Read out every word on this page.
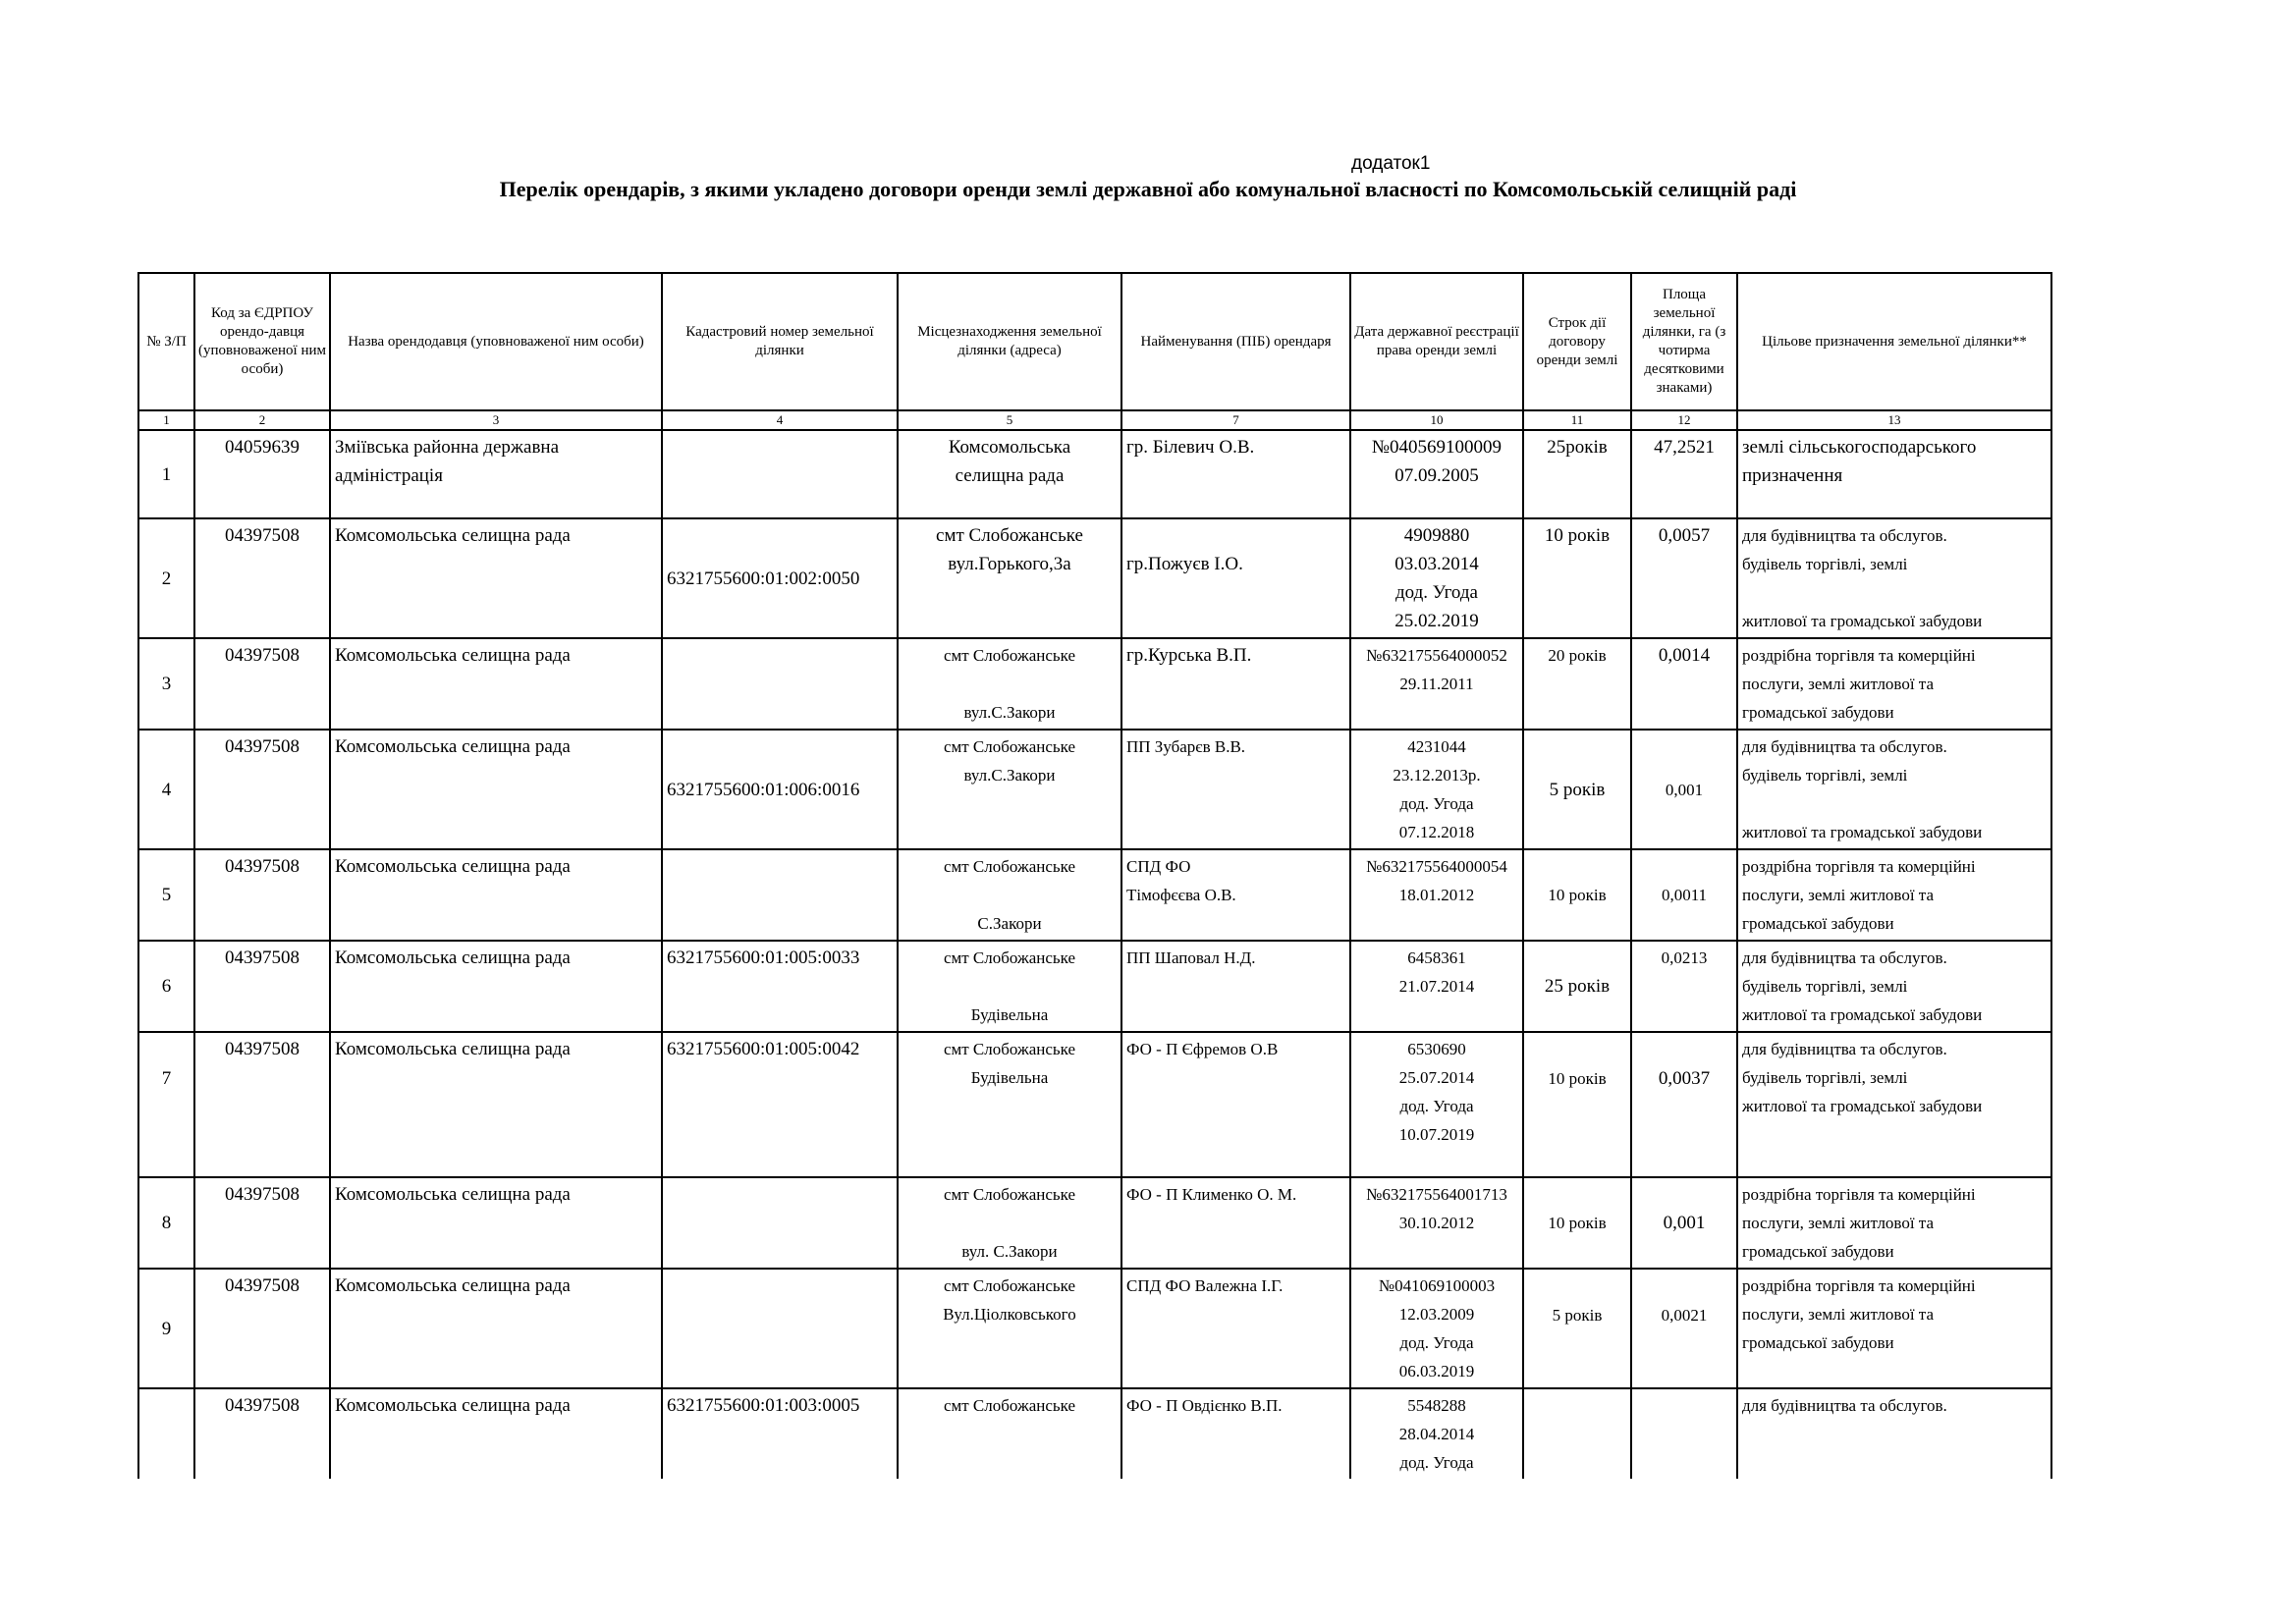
додаток1
Перелік орендарів, з якими укладено договори оренди землі державної або комунальної власності по Комсомольській селищній раді
№ З/П	Код за ЄДРПОУ орендо-давця (уповноваженої ним особи)	Назва орендодавця (уповноваженої ним особи)	Кадастровий номер земельної ділянки	Місцезнаходження земельної ділянки (адреса)	Найменування (ПІБ) орендаря	Дата державної реєстрації права оренди землі	Строк дії договору оренди землі	Площа земельної ділянки, га (з чотирма десятковими знаками)	Цільове призначення земельної ділянки**
1	2	3	4	5	7	10	11	12	13
1	04059639	Зміївська районна державна
адміністрація		Комсомольська
селищна рада	гр. Білевич О.В.	№040569100009
07.09.2005	25років	47,2521	землі сільськогосподарського
призначення
2	04397508	Комсомольська селищна рада	6321755600:01:002:0050	смт Слобожанське
вул.Горького,3а	
гр.Пожуєв І.О.	4909880
03.03.2014
дод. Угода
25.02.2019	10 років	0,0057	для будівництва та обслугов.
будівель торгівлі, землі

житлової та громадської забудови
3	04397508	Комсомольська селищна рада		смт Слобожанське

вул.С.Закори	гр.Курська В.П.	№632175564000052
29.11.2011	20 років	0,0014	роздрібна торгівля та комерційні
послуги, землі житлової та
громадської забудови
4	04397508	Комсомольська селищна рада	6321755600:01:006:0016	смт Слобожанське
вул.С.Закори	ПП Зубарєв В.В.	4231044
23.12.2013р.
дод. Угода
07.12.2018	5 років	0,001	для будівництва та обслугов.
будівель торгівлі, землі

житлової та громадської забудови
5	04397508	Комсомольська селищна рада		смт Слобожанське

С.Закори	СПД ФО
Тімофєєва О.В.	№632175564000054
18.01.2012	10 років	0,0011	роздрібна торгівля та комерційні
послуги, землі житлової та
громадської забудови
6	04397508	Комсомольська селищна рада	6321755600:01:005:0033	смт Слобожанське

Будівельна	ПП Шаповал Н.Д.	6458361
21.07.2014	25 років	0,0213	для будівництва та обслугов.
будівель торгівлі, землі
житлової та громадської забудови
7	04397508	Комсомольська селищна рада	6321755600:01:005:0042	смт Слобожанське
Будівельна	ФО - П Єфремов О.В	6530690
25.07.2014
дод. Угода
10.07.2019	10 років	0,0037	для будівництва та обслугов.
будівель торгівлі, землі
житлової та громадської забудови
8	04397508	Комсомольська селищна рада		смт Слобожанське

вул. С.Закори	ФО - П Клименко О. М.	№632175564001713
30.10.2012	10 років	0,001	роздрібна торгівля та комерційні
послуги, землі житлової та
громадської забудови
9	04397508	Комсомольська селищна рада		смт Слобожанське
Вул.Ціолковського	СПД ФО Валежна І.Г.	№041069100003
12.03.2009
дод. Угода
06.03.2019	5 років	0,0021	роздрібна торгівля та комерційні
послуги, землі житлової та
громадської забудови
	04397508	Комсомольська селищна рада	6321755600:01:003:0005	смт Слобожанське	ФО - П Овдієнко В.П.	5548288
28.04.2014
дод. Угода			для будівництва та обслугов.
